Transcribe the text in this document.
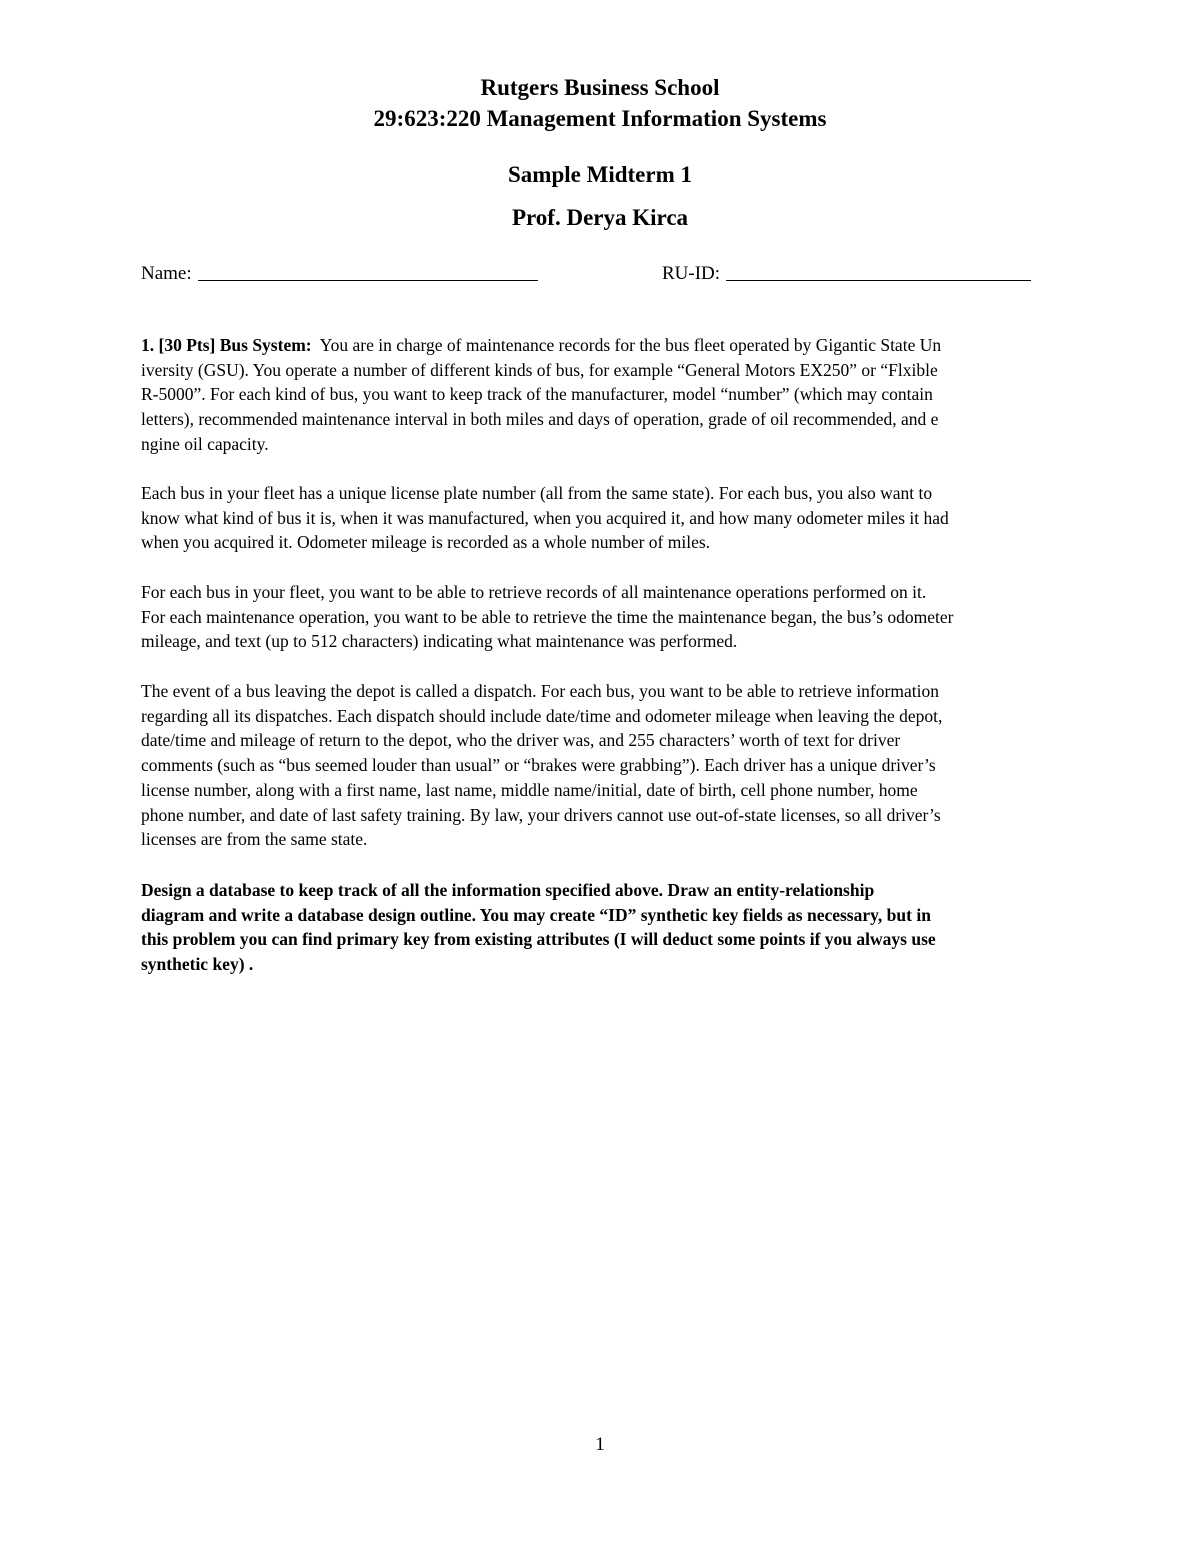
Rutgers Business School
29:623:220 Management Information Systems
Sample Midterm 1
Prof. Derya Kirca
Name:	RU-ID:
1. [30 Pts] Bus System: You are in charge of maintenance records for the bus fleet operated by Gigantic State Un
iversity (GSU). You operate a number of different kinds of bus, for example “General Motors EX250” or “Flxible
R-5000”. For each kind of bus, you want to keep track of the manufacturer, model “number” (which may contain
letters), recommended maintenance interval in both miles and days of operation, grade of oil recommended, and e
ngine oil capacity.
Each bus in your fleet has a unique license plate number (all from the same state). For each bus, you also want to
know what kind of bus it is, when it was manufactured, when you acquired it, and how many odometer miles it had
when you acquired it. Odometer mileage is recorded as a whole number of miles.
For each bus in your fleet, you want to be able to retrieve records of all maintenance operations performed on it.
For each maintenance operation, you want to be able to retrieve the time the maintenance began, the bus’s odometer
mileage, and text (up to 512 characters) indicating what maintenance was performed.
The event of a bus leaving the depot is called a dispatch. For each bus, you want to be able to retrieve information
regarding all its dispatches. Each dispatch should include date/time and odometer mileage when leaving the depot,
date/time and mileage of return to the depot, who the driver was, and 255 characters’ worth of text for driver
comments (such as “bus seemed louder than usual” or “brakes were grabbing”). Each driver has a unique driver’s
license number, along with a first name, last name, middle name/initial, date of birth, cell phone number, home
phone number, and date of last safety training. By law, your drivers cannot use out-of-state licenses, so all driver’s
licenses are from the same state.
Design a database to keep track of all the information specified above. Draw an entity-relationship
diagram and write a database design outline. You may create “ID” synthetic key fields as necessary, but in
this problem you can find primary key from existing attributes (I will deduct some points if you always use
synthetic key) .
1
